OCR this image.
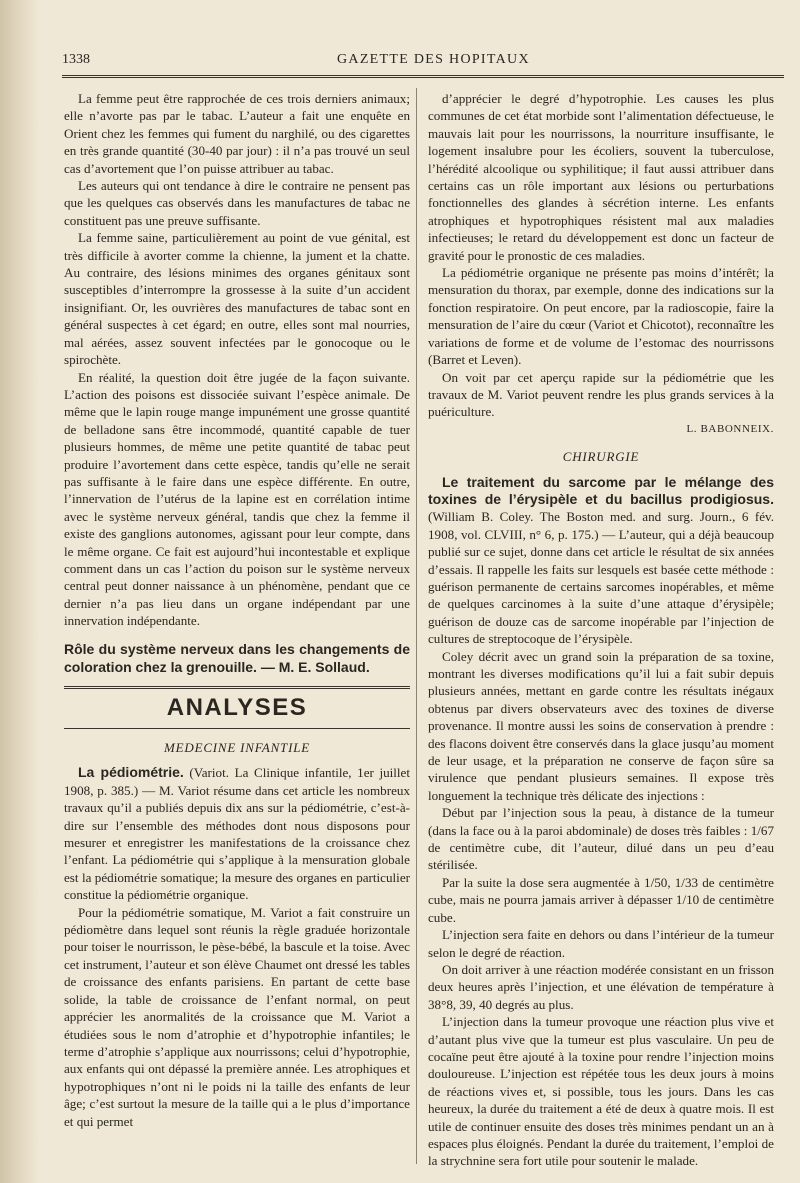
1338	GAZETTE DES HOPITAUX

La femme peut être rapprochée de ces trois derniers animaux; elle n’avorte pas par le tabac. L’auteur a fait une enquête en Orient chez les femmes qui fument du narghilé, ou des cigarettes en très grande quantité (30-40 par jour) : il n’a pas trouvé un seul cas d’avortement que l’on puisse attribuer au tabac.

Les auteurs qui ont tendance à dire le contraire ne pensent pas que les quelques cas observés dans les manufactures de tabac ne constituent pas une preuve suffisante.

La femme saine, particulièrement au point de vue génital, est très difficile à avorter comme la chienne, la jument et la chatte. Au contraire, des lésions minimes des organes génitaux sont susceptibles d’interrompre la grossesse à la suite d’un accident insignifiant. Or, les ouvrières des manufactures de tabac sont en général suspectes à cet égard; en outre, elles sont mal nourries, mal aérées, assez souvent infectées par le gonocoque ou le spirochète.

En réalité, la question doit être jugée de la façon suivante. L’action des poisons est dissociée suivant l’espèce animale. De même que le lapin rouge mange impunément une grosse quantité de belladone sans être incommodé, quantité capable de tuer plusieurs hommes, de même une petite quantité de tabac peut produire l’avortement dans cette espèce, tandis qu’elle ne serait pas suffisante à le faire dans une espèce différente. En outre, l’innervation de l’utérus de la lapine est en corrélation intime avec le système nerveux général, tandis que chez la femme il existe des ganglions autonomes, agissant pour leur compte, dans le même organe. Ce fait est aujourd’hui incontestable et explique comment dans un cas l’action du poison sur le système nerveux central peut donner naissance à un phénomène, pendant que ce dernier n’a pas lieu dans un organe indépendant par une innervation indépendante.

Rôle du système nerveux dans les changements de coloration chez la grenouille. — M. E. Sollaud.

ANALYSES
MEDECINE INFANTILE

La pédiométrie. (Variot. La Clinique infantile, 1er juillet 1908, p. 385.) — M. Variot résume dans cet article les nombreux travaux qu’il a publiés depuis dix ans sur la pédiométrie, c’est-à-dire sur l’ensemble des méthodes dont nous disposons pour mesurer et enregistrer les manifestations de la croissance chez l’enfant. La pédiométrie qui s’applique à la mensuration globale est la pédiométrie somatique; la mesure des organes en particulier constitue la pédiométrie organique.

Pour la pédiométrie somatique, M. Variot a fait construire un pédiomètre dans lequel sont réunis la règle graduée horizontale pour toiser le nourrisson, le pèse-bébé, la bascule et la toise. Avec cet instrument, l’auteur et son élève Chaumet ont dressé les tables de croissance des enfants parisiens. En partant de cette base solide, la table de croissance de l’enfant normal, on peut apprécier les anormalités de la croissance que M. Variot a étudiées sous le nom d’atrophie et d’hypotrophie infantiles; le terme d’atrophie s’applique aux nourrissons; celui d’hypotrophie, aux enfants qui ont dépassé la première année. Les atrophiques et hypotrophiques n’ont ni le poids ni la taille des enfants de leur âge; c’est surtout la mesure de la taille qui a le plus d’importance et qui permet

d’apprécier le degré d’hypotrophie. Les causes les plus communes de cet état morbide sont l’alimentation défectueuse, le mauvais lait pour les nourrissons, la nourriture insuffisante, le logement insalubre pour les écoliers, souvent la tuberculose, l’hérédité alcoolique ou syphilitique; il faut aussi attribuer dans certains cas un rôle important aux lésions ou perturbations fonctionnelles des glandes à sécrétion interne. Les enfants atrophiques et hypotrophiques résistent mal aux maladies infectieuses; le retard du développement est donc un facteur de gravité pour le pronostic de ces maladies.

La pédiométrie organique ne présente pas moins d’intérêt; la mensuration du thorax, par exemple, donne des indications sur la fonction respiratoire. On peut encore, par la radioscopie, faire la mensuration de l’aire du cœur (Variot et Chicotot), reconnaître les variations de forme et de volume de l’estomac des nourrissons (Barret et Leven).

On voit par cet aperçu rapide sur la pédiométrie que les travaux de M. Variot peuvent rendre les plus grands services à la puériculture.

L. BABONNEIX.

CHIRURGIE

Le traitement du sarcome par le mélange des toxines de l’érysipèle et du bacillus prodigiosus. (William B. Coley. The Boston med. and surg. Journ., 6 fév. 1908, vol. CLVIII, n° 6, p. 175.) — L’auteur, qui a déjà beaucoup publié sur ce sujet, donne dans cet article le résultat de six années d’essais. Il rappelle les faits sur lesquels est basée cette méthode : guérison permanente de certains sarcomes inopérables, et même de quelques carcinomes à la suite d’une attaque d’érysipèle; guérison de douze cas de sarcome inopérable par l’injection de cultures de streptocoque de l’érysipèle.

Coley décrit avec un grand soin la préparation de sa toxine, montrant les diverses modifications qu’il lui a fait subir depuis plusieurs années, mettant en garde contre les résultats inégaux obtenus par divers observateurs avec des toxines de diverse provenance. Il montre aussi les soins de conservation à prendre : des flacons doivent être conservés dans la glace jusqu’au moment de leur usage, et la préparation ne conserve de façon sûre sa virulence que pendant plusieurs semaines. Il expose très longuement la technique très délicate des injections :

Début par l’injection sous la peau, à distance de la tumeur (dans la face ou à la paroi abdominale) de doses très faibles : 1/67 de centimètre cube, dit l’auteur, dilué dans un peu d’eau stérilisée.

Par la suite la dose sera augmentée à 1/50, 1/33 de centimètre cube, mais ne pourra jamais arriver à dépasser 1/10 de centimètre cube.

L’injection sera faite en dehors ou dans l’intérieur de la tumeur selon le degré de réaction.

On doit arriver à une réaction modérée consistant en un frisson deux heures après l’injection, et une élévation de température à 38°8, 39, 40 degrés au plus.

L’injection dans la tumeur provoque une réaction plus vive et d’autant plus vive que la tumeur est plus vasculaire. Un peu de cocaïne peut être ajouté à la toxine pour rendre l’injection moins douloureuse. L’injection est répétée tous les deux jours à moins de réactions vives et, si possible, tous les jours. Dans les cas heureux, la durée du traitement a été de deux à quatre mois. Il est utile de continuer ensuite des doses très minimes pendant un an à espaces plus éloignés. Pendant la durée du traitement, l’emploi de la strychnine sera fort utile pour soutenir le malade.
